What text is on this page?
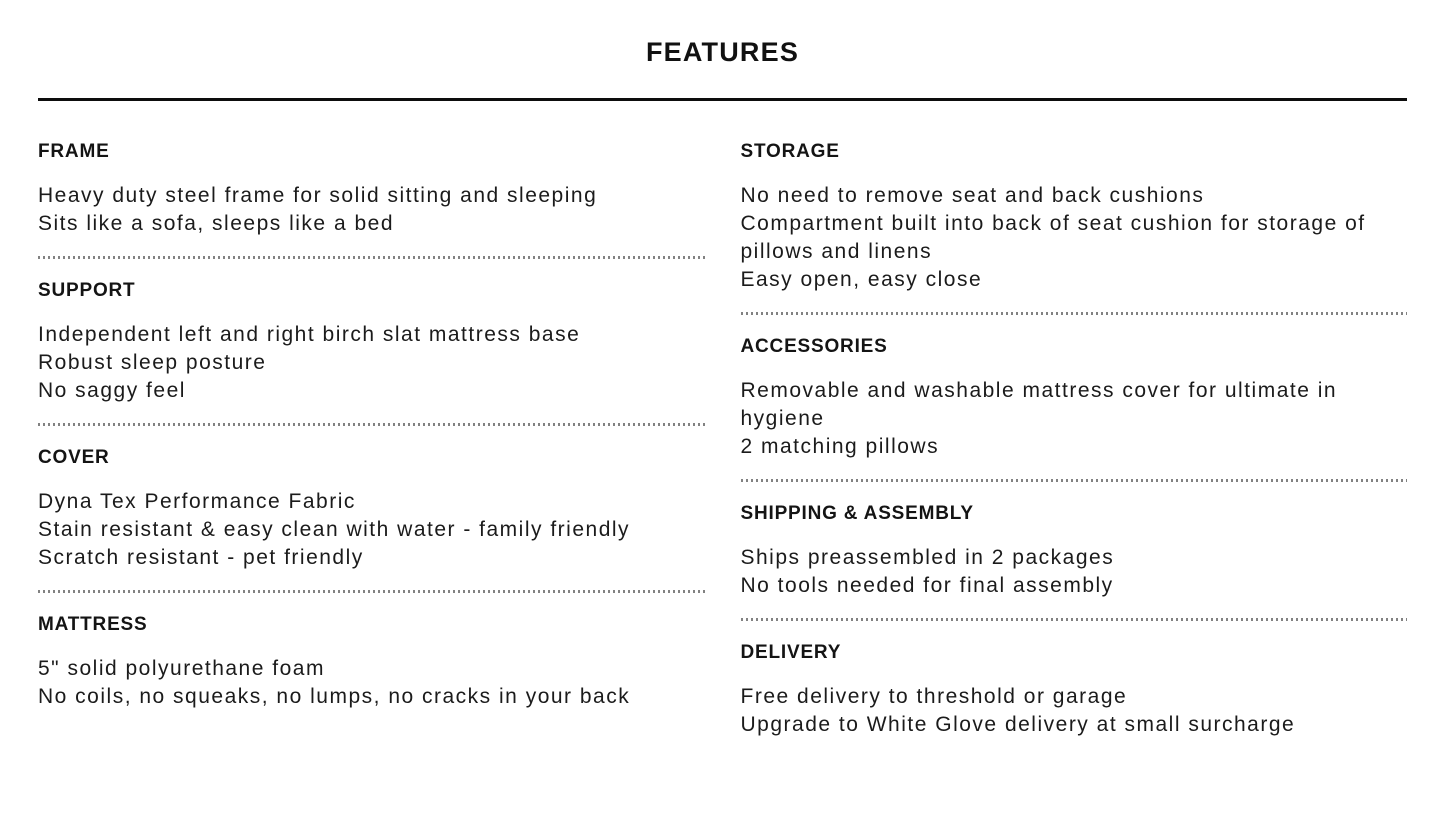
FEATURES
FRAME
Heavy duty steel frame for solid sitting and sleeping
Sits like a sofa, sleeps like a bed
SUPPORT
Independent left and right birch slat mattress base
Robust sleep posture
No saggy feel
COVER
Dyna Tex Performance Fabric
Stain resistant & easy clean with water - family friendly
Scratch resistant - pet friendly
MATTRESS
5" solid polyurethane foam
No coils, no squeaks, no lumps, no cracks in your back
STORAGE
No need to remove seat and back cushions
Compartment built into back of seat cushion for storage of pillows and linens
Easy open, easy close
ACCESSORIES
Removable and washable mattress cover for ultimate in hygiene
2 matching pillows
SHIPPING & ASSEMBLY
Ships preassembled in 2 packages
No tools needed for final assembly
DELIVERY
Free delivery to threshold or garage
Upgrade to White Glove delivery at small surcharge
